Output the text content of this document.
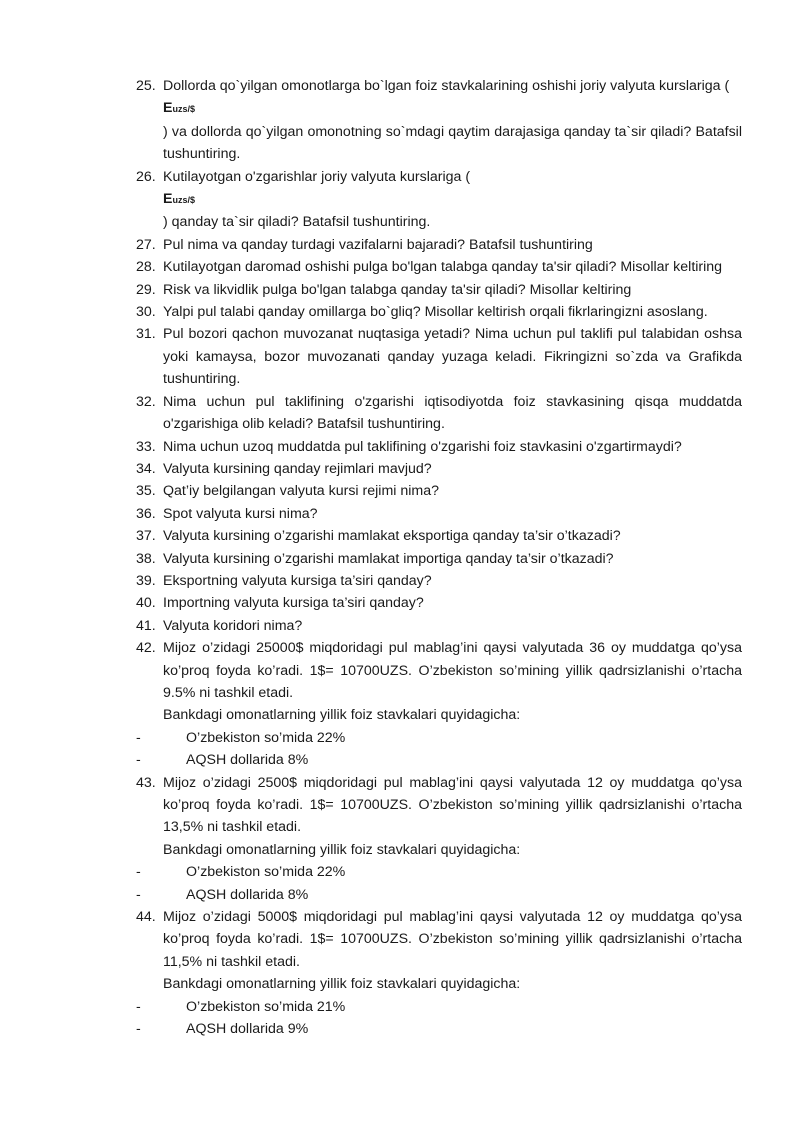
25. Dollorda qo`yilgan omonotlarga bo`lgan foiz stavkalarining oshishi joriy valyuta kurslariga (
Euzs/$
) va dollorda qo`yilgan omonotning so`mdagi qaytim darajasiga qanday ta`sir qiladi? Batafsil tushuntiring.
26. Kutilayotgan o'zgarishlar joriy valyuta kurslariga (
Euzs/$
) qanday ta`sir qiladi? Batafsil tushuntiring.
27. Pul nima va qanday turdagi vazifalarni bajaradi? Batafsil tushuntiring
28. Kutilayotgan daromad oshishi pulga bo'lgan talabga qanday ta'sir qiladi? Misollar keltiring
29. Risk va likvidlik pulga bo'lgan talabga qanday ta'sir qiladi? Misollar keltiring
30. Yalpi pul talabi qanday omillarga bo`gliq? Misollar keltirish orqali fikrlaringizni asoslang.
31. Pul bozori qachon muvozanat nuqtasiga yetadi? Nima uchun pul taklifi pul talabidan oshsa yoki kamaysa, bozor muvozanati qanday yuzaga keladi. Fikringizni so`zda va Grafikda tushuntiring.
32. Nima uchun pul taklifining o'zgarishi iqtisodiyotda foiz stavkasining qisqa muddatda o'zgarishiga olib keladi? Batafsil tushuntiring.
33. Nima uchun uzoq muddatda pul taklifining o'zgarishi foiz stavkasini o'zgartirmaydi?
34. Valyuta kursining qanday rejimlari mavjud?
35. Qat’iy belgilangan valyuta kursi rejimi nima?
36. Spot valyuta kursi nima?
37. Valyuta kursining o’zgarishi mamlakat eksportiga qanday ta’sir o’tkazadi?
38. Valyuta kursining o’zgarishi mamlakat importiga qanday ta’sir o’tkazadi?
39. Eksportning valyuta kursiga ta’siri qanday?
40. Importning valyuta kursiga ta’siri qanday?
41. Valyuta koridori nima?
42. Mijoz o’zidagi 25000$ miqdoridagi pul mablag’ini qaysi valyutada 36 oy muddatga qo’ysa ko’proq foyda ko’radi. 1$= 10700UZS. O’zbekiston so’mining yillik qadrsizlanishi o’rtacha 9.5% ni tashkil etadi.
Bankdagi omonatlarning yillik foiz stavkalari quyidagicha:
-	O’zbekiston so’mida 22%
-	AQSH dollarida 8%
43. Mijoz o’zidagi 2500$ miqdoridagi pul mablag’ini qaysi valyutada 12 oy muddatga qo’ysa ko’proq foyda ko’radi. 1$= 10700UZS. O’zbekiston so’mining yillik qadrsizlanishi o’rtacha 13,5% ni tashkil etadi.
Bankdagi omonatlarning yillik foiz stavkalari quyidagicha:
-	O’zbekiston so’mida 22%
-	AQSH dollarida 8%
44. Mijoz o’zidagi 5000$ miqdoridagi pul mablag’ini qaysi valyutada 12 oy muddatga qo’ysa ko’proq foyda ko’radi. 1$= 10700UZS. O’zbekiston so’mining yillik qadrsizlanishi o’rtacha 11,5% ni tashkil etadi.
Bankdagi omonatlarning yillik foiz stavkalari quyidagicha:
-	O’zbekiston so’mida 21%
-	AQSH dollarida 9%
